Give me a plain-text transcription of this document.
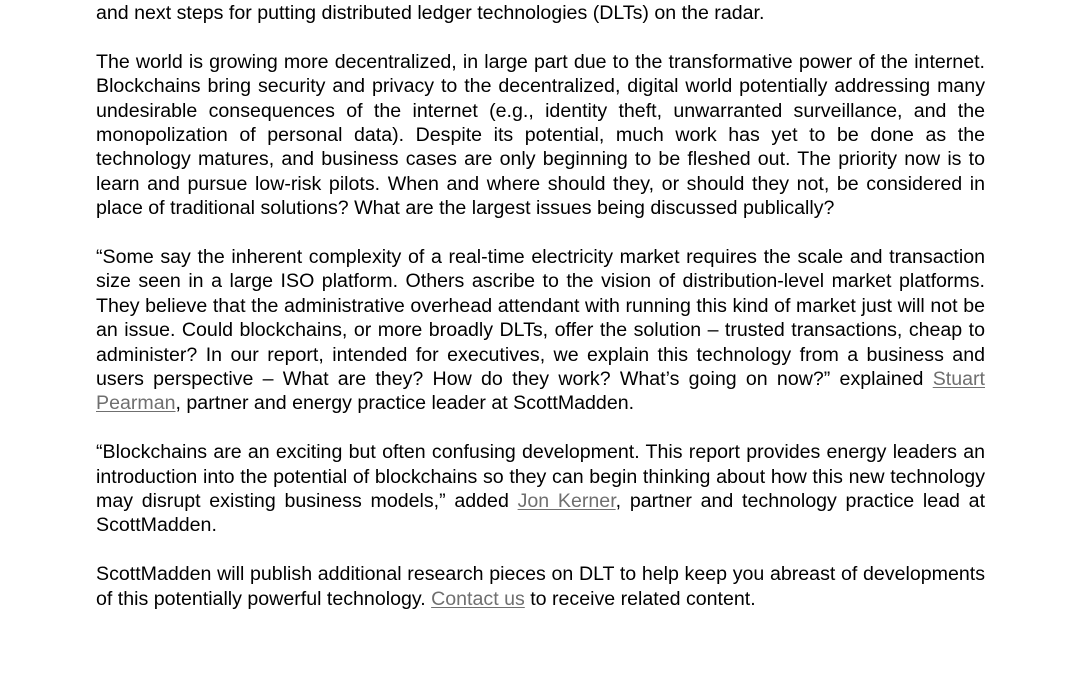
and next steps for putting distributed ledger technologies (DLTs) on the radar.

The world is growing more decentralized, in large part due to the transformative power of the internet. Blockchains bring security and privacy to the decentralized, digital world potentially addressing many undesirable consequences of the internet (e.g., identity theft, unwarranted surveillance, and the monopolization of personal data). Despite its potential, much work has yet to be done as the technology matures, and business cases are only beginning to be fleshed out. The priority now is to learn and pursue low-risk pilots. When and where should they, or should they not, be considered in place of traditional solutions? What are the largest issues being discussed publically?

“Some say the inherent complexity of a real-time electricity market requires the scale and transaction size seen in a large ISO platform. Others ascribe to the vision of distribution-level market platforms. They believe that the administrative overhead attendant with running this kind of market just will not be an issue. Could blockchains, or more broadly DLTs, offer the solution – trusted transactions, cheap to administer? In our report, intended for executives, we explain this technology from a business and users perspective – What are they? How do they work? What’s going on now?” explained Stuart Pearman, partner and energy practice leader at ScottMadden.

“Blockchains are an exciting but often confusing development. This report provides energy leaders an introduction into the potential of blockchains so they can begin thinking about how this new technology may disrupt existing business models,” added Jon Kerner, partner and technology practice lead at ScottMadden.

ScottMadden will publish additional research pieces on DLT to help keep you abreast of developments of this potentially powerful technology. Contact us to receive related content.
